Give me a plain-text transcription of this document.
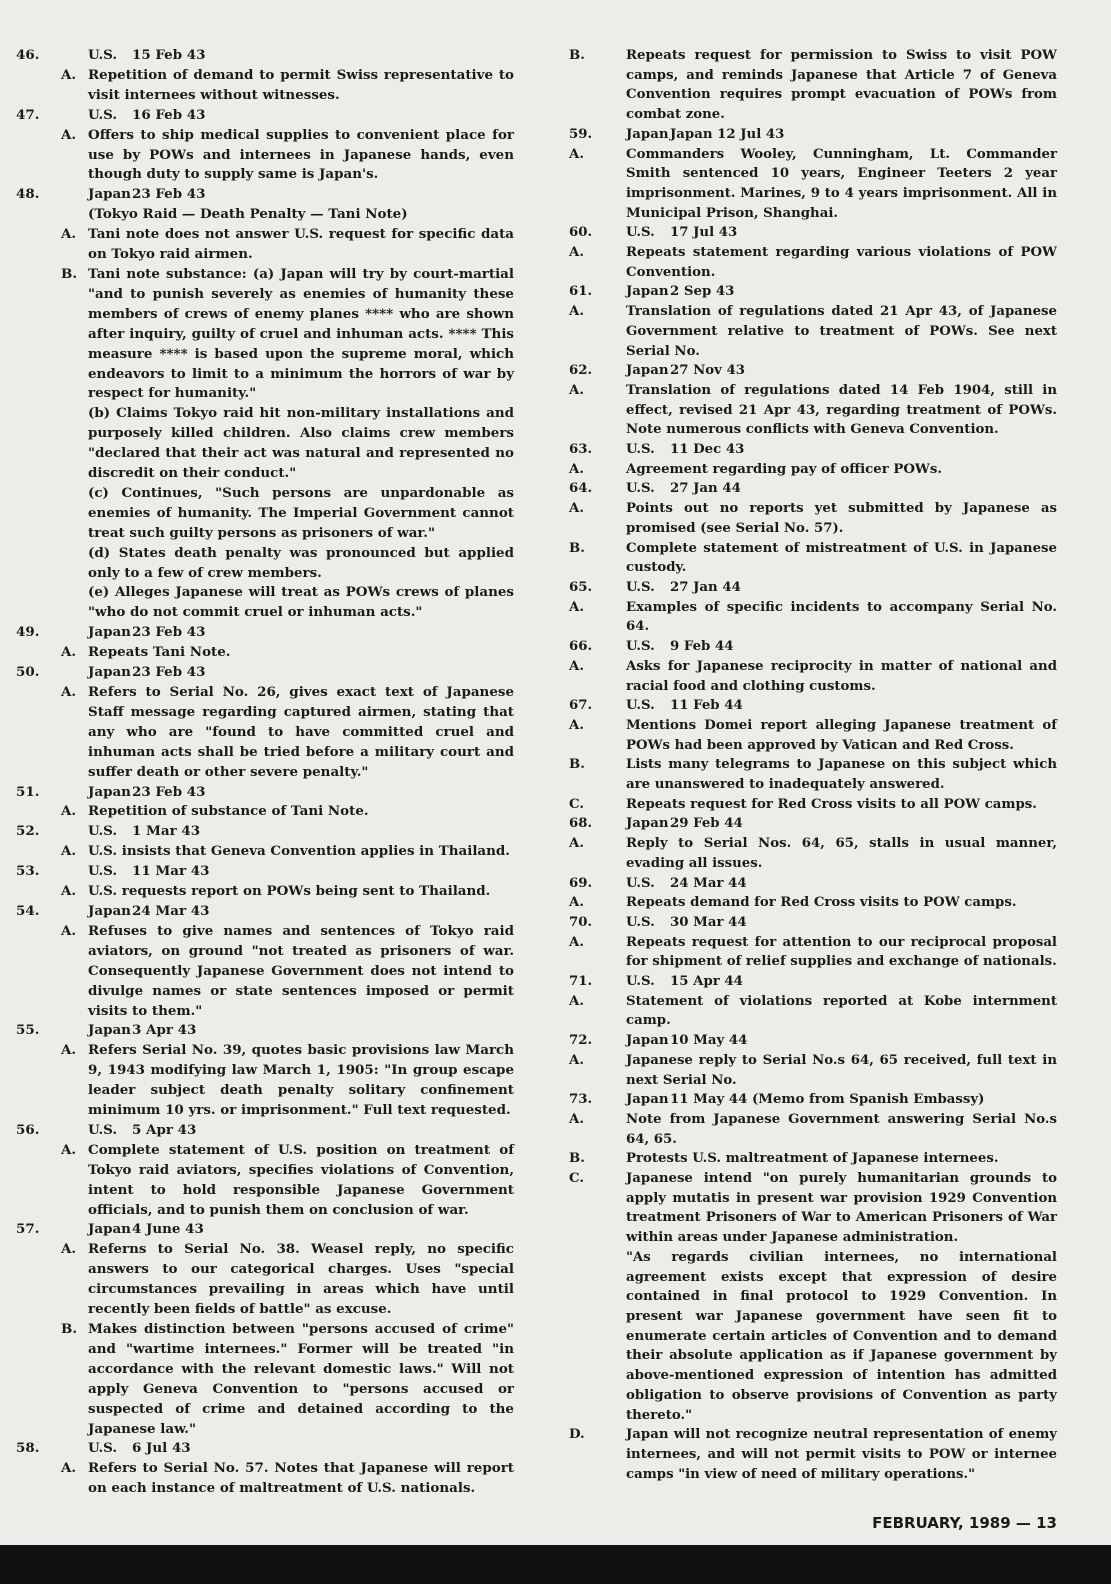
46.	U.S.	15 Feb 43
A. Repetition of demand to permit Swiss representative to visit internees without witnesses.

47.	U.S.	16 Feb 43
A. Offers to ship medical supplies to convenient place for use by POWs and internees in Japanese hands, even though duty to supply same is Japan's.

48.	Japan 23 Feb 43
(Tokyo Raid — Death Penalty — Tani Note)
A. Tani note does not answer U.S. request for specific data on Tokyo raid airmen.

B. Tani note substance: (a) Japan will try by court-martial "and to punish severely as enemies of humanity these members of crews of enemy planes **** who are shown after inquiry, guilty of cruel and inhuman acts. **** This measure **** is based upon the supreme moral, which endeavors to limit to a minimum the horrors of war by respect for humanity."

(b) Claims Tokyo raid hit non-military installations and purposely killed children. Also claims crew members "declared that their act was natural and represented no discredit on their conduct."

(c) Continues, "Such persons are unpardonable as enemies of humanity. The Imperial Government cannot treat such guilty persons as prisoners of war."

(d) States death penalty was pronounced but applied only to a few of crew members.

(e) Alleges Japanese will treat as POWs crews of planes "who do not commit cruel or inhuman acts."

49.	Japan 23 Feb 43
A. Repeats Tani Note.

50.	Japan 23 Feb 43
A. Refers to Serial No. 26, gives exact text of Japanese Staff message regarding captured airmen, stating that any who are "found to have committed cruel and inhuman acts shall be tried before a military court and suffer death or other severe penalty."

51.	Japan 23 Feb 43
A. Repetition of substance of Tani Note.

52.	U.S.	1 Mar 43
A. U.S. insists that Geneva Convention applies in Thailand.

53.	U.S.	11 Mar 43
A. U.S. requests report on POWs being sent to Thailand.

54.	Japan 24 Mar 43
A. Refuses to give names and sentences of Tokyo raid aviators, on ground "not treated as prisoners of war. Consequently Japanese Government does not intend to divulge names or state sentences imposed or permit visits to them."

55.	Japan 3 Apr 43
A. Refers Serial No. 39, quotes basic provisions law March 9, 1943 modifying law March 1, 1905: "In group escape leader subject death penalty solitary confinement minimum 10 yrs. or imprisonment." Full text requested.

56.	U.S.	5 Apr 43
A. Complete statement of U.S. position on treatment of Tokyo raid aviators, specifies violations of Convention, intent to hold responsible Japanese Government officials, and to punish them on conclusion of war.

57.	Japan 4 June 43
A. Referns to Serial No. 38. Weasel reply, no specific answers to our categorical charges. Uses "special circumstances prevailing in areas which have until recently been fields of battle" as excuse.

B. Makes distinction between "persons accused of crime" and "wartime internees." Former will be treated "in accordance with the relevant domestic laws." Will not apply Geneva Convention to "persons accused or suspected of crime and detained according to the Japanese law."

58.	U.S.	6 Jul 43
A. Refers to Serial No. 57. Notes that Japanese will report on each instance of maltreatment of U.S. nationals.

B.	Repeats request for permission to Swiss to visit POW camps, and reminds Japanese that Article 7 of Geneva Convention requires prompt evacuation of POWs from combat zone.

59.	Japan Japan 12 Jul 43
A.	Commanders Wooley, Cunningham, Lt. Commander Smith sentenced 10 years, Engineer Teeters 2 year imprisonment. Marines, 9 to 4 years imprisonment. All in Municipal Prison, Shanghai.

60.	U.S.	17 Jul 43
A.	Repeats statement regarding various violations of POW Convention.

61.	Japan 2 Sep 43
A.	Translation of regulations dated 21 Apr 43, of Japanese Government relative to treatment of POWs. See next Serial No.

62.	Japan 27 Nov 43
A.	Translation of regulations dated 14 Feb 1904, still in effect, revised 21 Apr 43, regarding treatment of POWs. Note numerous conflicts with Geneva Convention.

63.	U.S.	11 Dec 43
A.	Agreement regarding pay of officer POWs.

64.	U.S.	27 Jan 44
A.	Points out no reports yet submitted by Japanese as promised (see Serial No. 57).

B.	Complete statement of mistreatment of U.S. in Japanese custody.

65.	U.S.	27 Jan 44
A.	Examples of specific incidents to accompany Serial No. 64.

66.	U.S.	9 Feb 44
A.	Asks for Japanese reciprocity in matter of national and racial food and clothing customs.

67.	U.S.	11 Feb 44
A.	Mentions Domei report alleging Japanese treatment of POWs had been approved by Vatican and Red Cross.

B.	Lists many telegrams to Japanese on this subject which are unanswered to inadequately answered.

C.	Repeats request for Red Cross visits to all POW camps.

68.	Japan 29 Feb 44
A.	Reply to Serial Nos. 64, 65, stalls in usual manner, evading all issues.

69.	U.S.	24 Mar 44
A.	Repeats demand for Red Cross visits to POW camps.

70.	U.S.	30 Mar 44
A.	Repeats request for attention to our reciprocal proposal for shipment of relief supplies and exchange of nationals.

71.	U.S.	15 Apr 44
A.	Statement of violations reported at Kobe internment camp.

72.	Japan 10 May 44
A.	Japanese reply to Serial No.s 64, 65 received, full text in next Serial No.

73.	Japan 11 May 44 (Memo from Spanish Embassy)
A.	Note from Japanese Government answering Serial No.s 64, 65.

B.	Protests U.S. maltreatment of Japanese internees.

C.	Japanese intend "on purely humanitarian grounds to apply mutatis in present war provision 1929 Convention treatment Prisoners of War to American Prisoners of War within areas under Japanese administration.

"As regards civilian internees, no international agreement exists except that expression of desire contained in final protocol to 1929 Convention. In present war Japanese government have seen fit to enumerate certain articles of Convention and to demand their absolute application as if Japanese government by above-mentioned expression of intention has admitted obligation to observe provisions of Convention as party thereto."

D.	Japan will not recognize neutral representation of enemy internees, and will not permit visits to POW or internee camps "in view of need of military operations."

FEBRUARY, 1989 — 13
